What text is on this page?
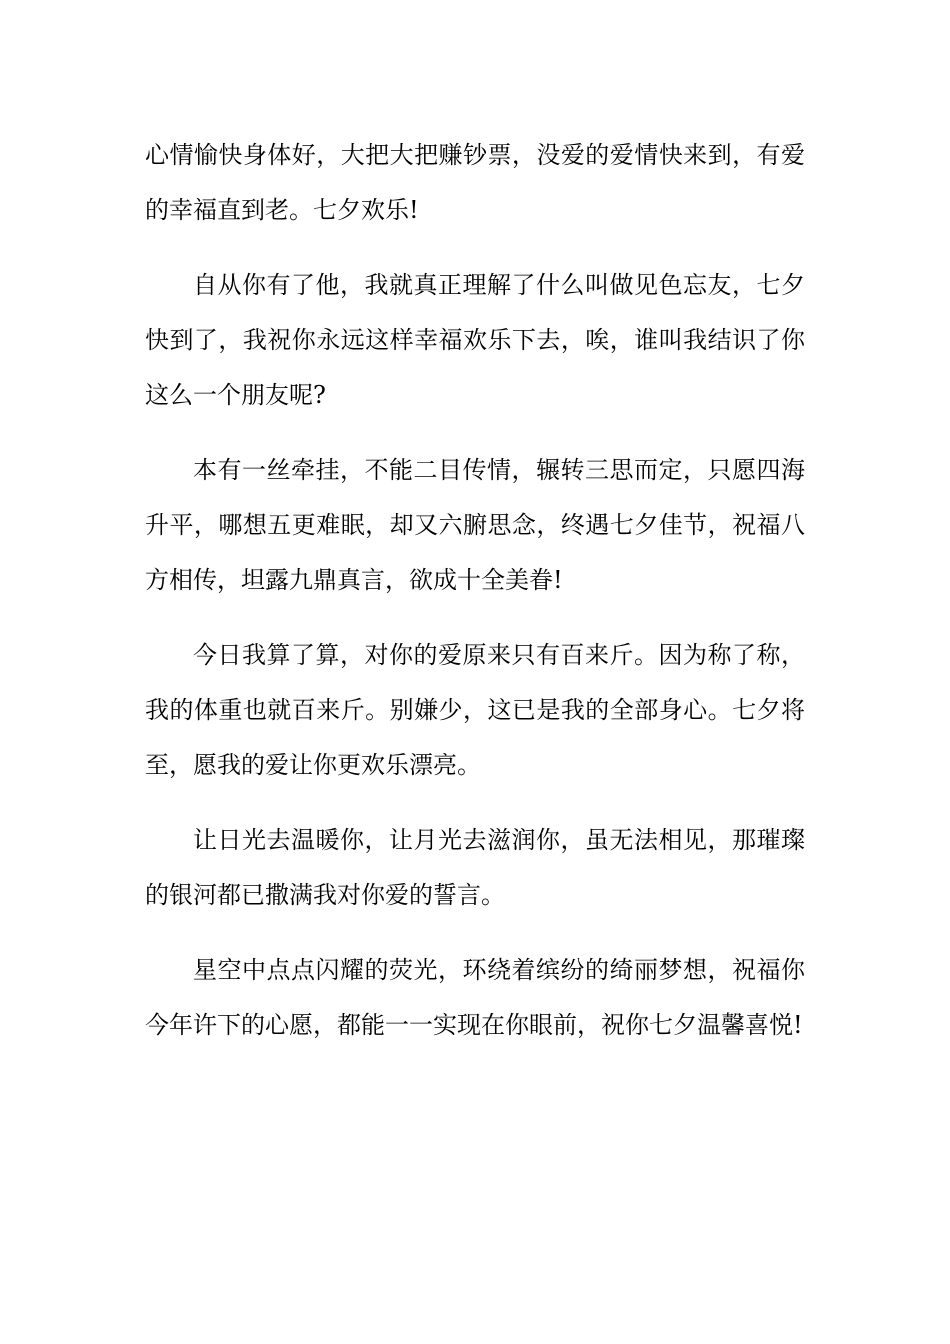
心情愉快身体好，大把大把赚钞票，没爱的爱情快来到，有爱的幸福直到老。七夕欢乐!

自从你有了他，我就真正理解了什么叫做见色忘友，七夕快到了，我祝你永远这样幸福欢乐下去，唉，谁叫我结识了你这么一个朋友呢?

本有一丝牵挂，不能二目传情，辗转三思而定，只愿四海升平，哪想五更难眠，却又六腑思念，终遇七夕佳节，祝福八方相传，坦露九鼎真言，欲成十全美眷!

今日我算了算，对你的爱原来只有百来斤。因为称了称，我的体重也就百来斤。别嫌少，这已是我的全部身心。七夕将至，愿我的爱让你更欢乐漂亮。

让日光去温暖你，让月光去滋润你，虽无法相见，那璀璨的银河都已撒满我对你爱的誓言。

星空中点点闪耀的荧光，环绕着缤纷的绮丽梦想，祝福你今年许下的心愿，都能一一实现在你眼前，祝你七夕温馨喜悦!
